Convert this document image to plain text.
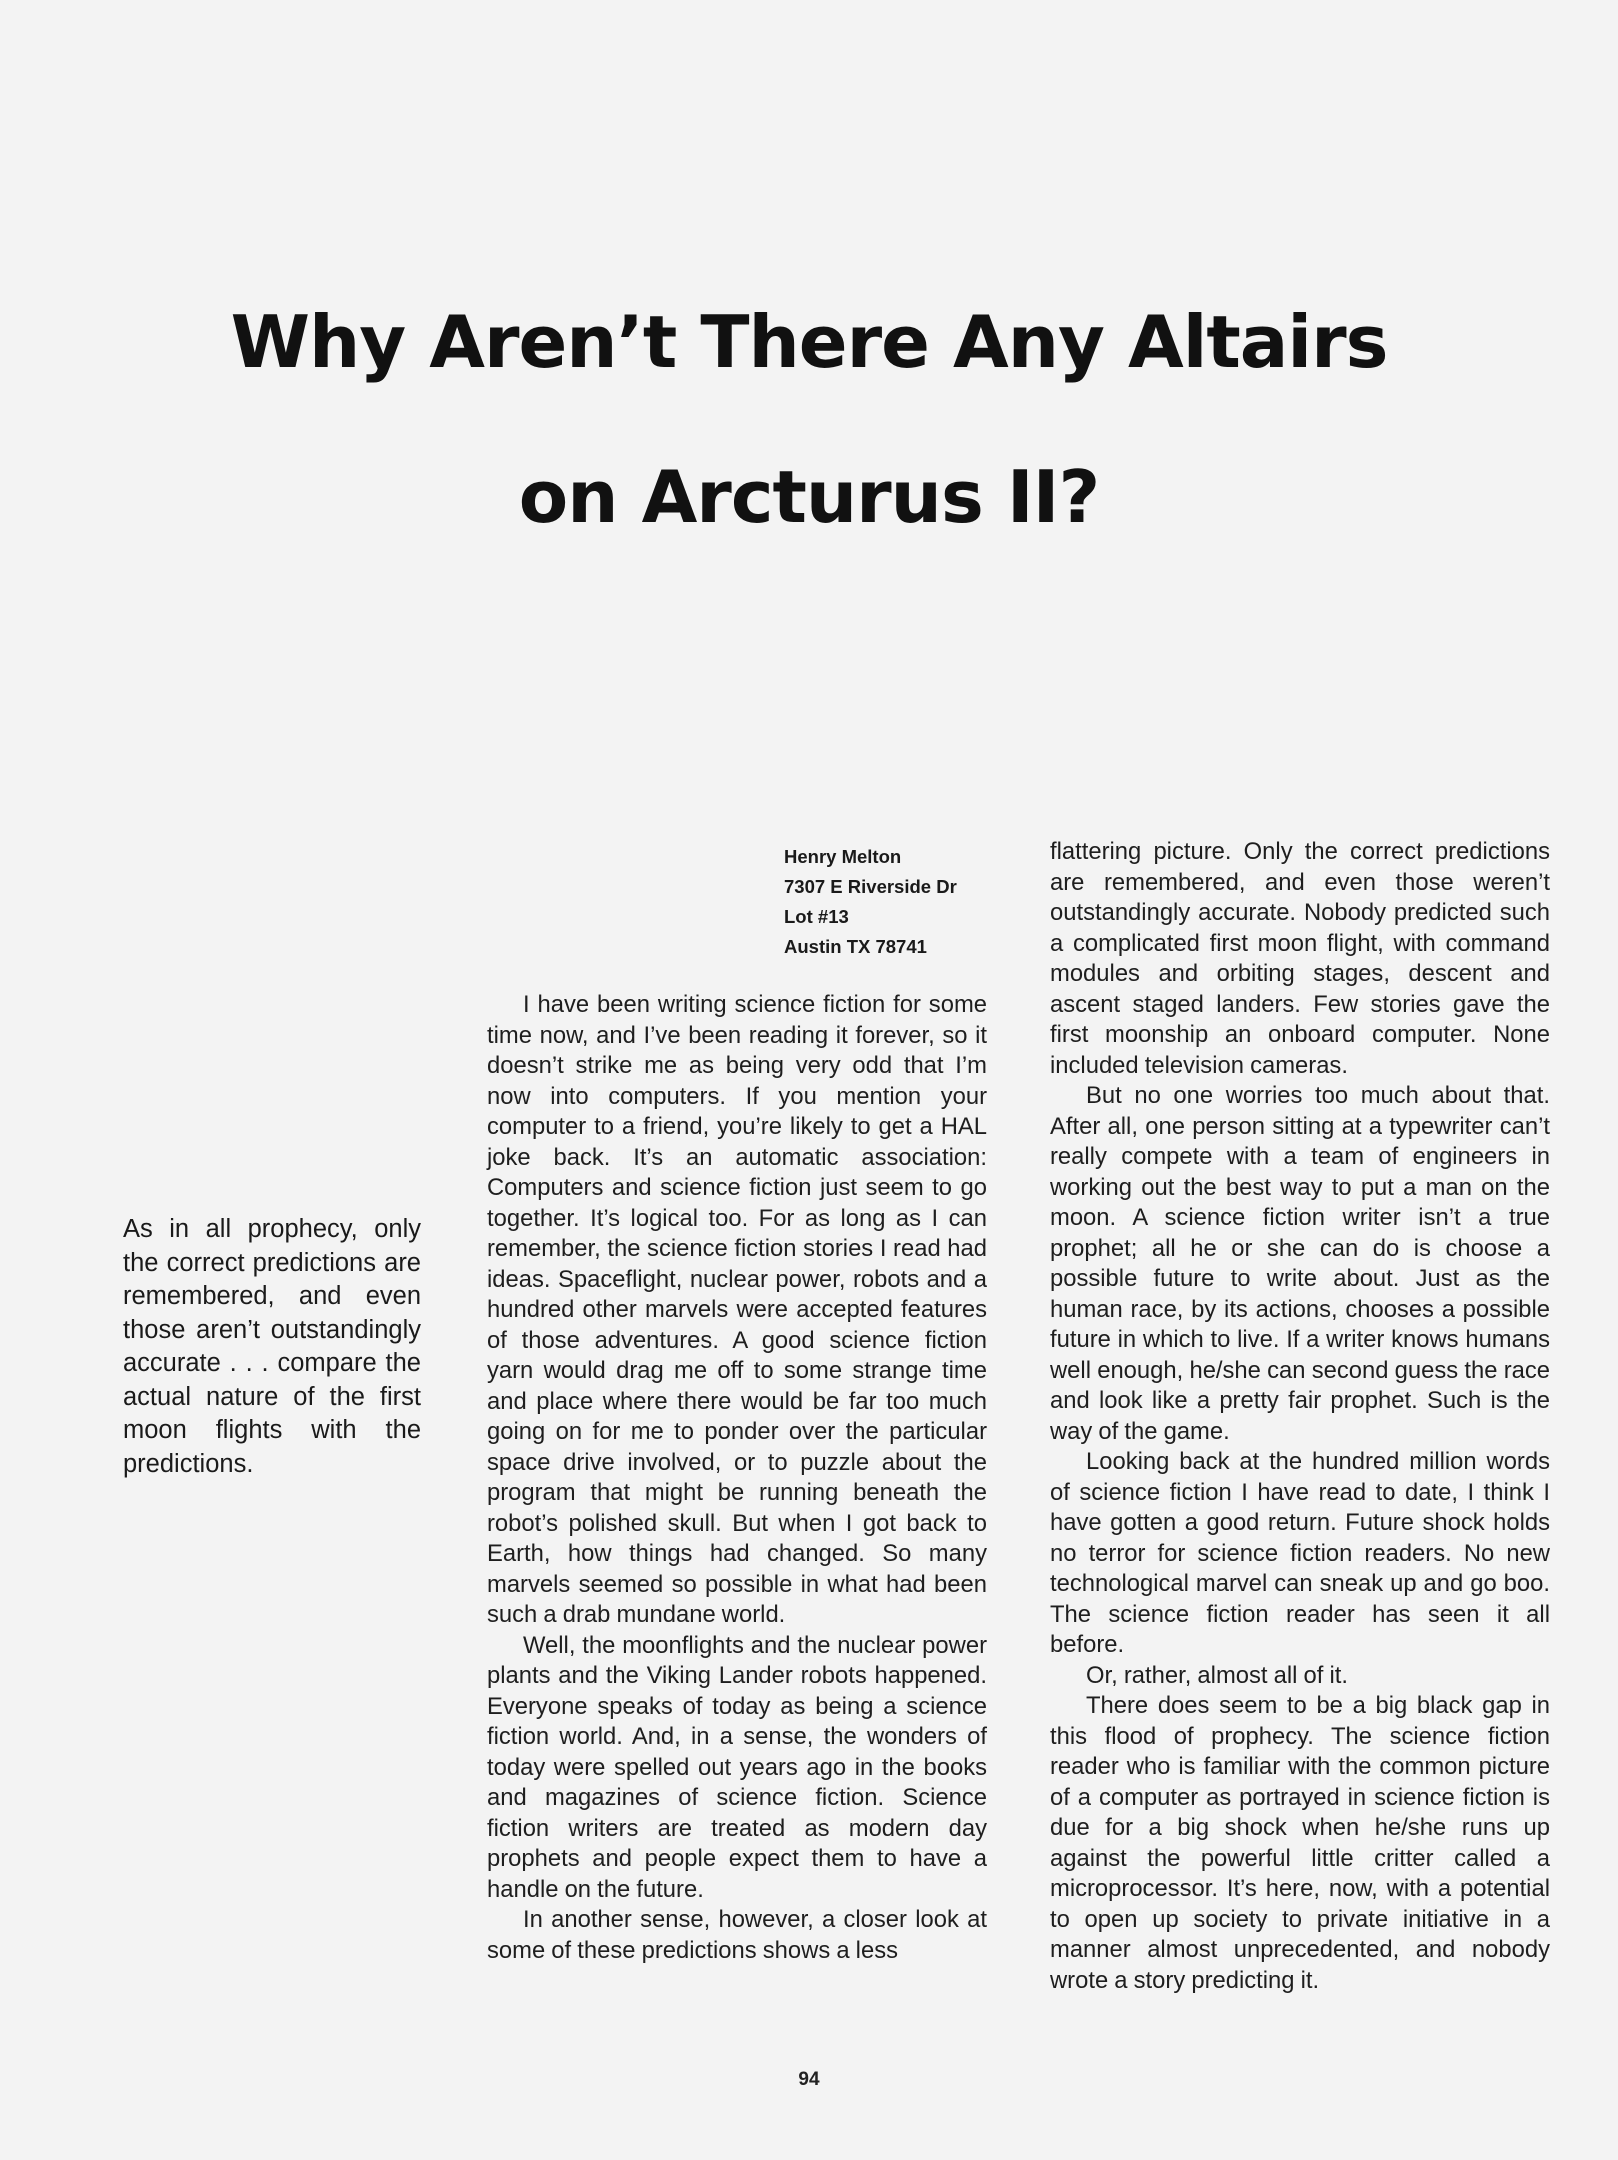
Why Aren’t There Any Altairs
on Arcturus II?
Henry Melton
7307 E Riverside Dr
Lot #13
Austin TX 78741
As in all prophecy, only the correct predictions are remembered, and even those aren’t outstandingly accurate . . . compare the actual nature of the first moon flights with the predictions.

I have been writing science fiction for some time now, and I’ve been reading it forever, so it doesn’t strike me as being very odd that I’m now into computers. If you mention your computer to a friend, you’re likely to get a HAL joke back. It’s an automatic association: Computers and science fiction just seem to go together. It’s logical too. For as long as I can remember, the science fiction stories I read had ideas. Spaceflight, nuclear power, robots and a hundred other marvels were accepted features of those adventures. A good science fiction yarn would drag me off to some strange time and place where there would be far too much going on for me to ponder over the particular space drive involved, or to puzzle about the program that might be running beneath the robot’s polished skull. But when I got back to Earth, how things had changed. So many marvels seemed so possible in what had been such a drab mundane world.

Well, the moonflights and the nuclear power plants and the Viking Lander robots happened. Everyone speaks of today as being a science fiction world. And, in a sense, the wonders of today were spelled out years ago in the books and magazines of science fiction. Science fiction writers are treated as modern day prophets and people expect them to have a handle on the future.

In another sense, however, a closer look at some of these predictions shows a less

flattering picture. Only the correct predictions are remembered, and even those weren’t outstandingly accurate. Nobody predicted such a complicated first moon flight, with command modules and orbiting stages, descent and ascent staged landers. Few stories gave the first moonship an onboard computer. None included television cameras.

But no one worries too much about that. After all, one person sitting at a typewriter can’t really compete with a team of engineers in working out the best way to put a man on the moon. A science fiction writer isn’t a true prophet; all he or she can do is choose a possible future to write about. Just as the human race, by its actions, chooses a possible future in which to live. If a writer knows humans well enough, he/she can second guess the race and look like a pretty fair prophet. Such is the way of the game.

Looking back at the hundred million words of science fiction I have read to date, I think I have gotten a good return. Future shock holds no terror for science fiction readers. No new technological marvel can sneak up and go boo. The science fiction reader has seen it all before.

Or, rather, almost all of it.

There does seem to be a big black gap in this flood of prophecy. The science fiction reader who is familiar with the common picture of a computer as portrayed in science fiction is due for a big shock when he/she runs up against the powerful little critter called a microprocessor. It’s here, now, with a potential to open up society to private initiative in a manner almost unprecedented, and nobody wrote a story predicting it.

94
